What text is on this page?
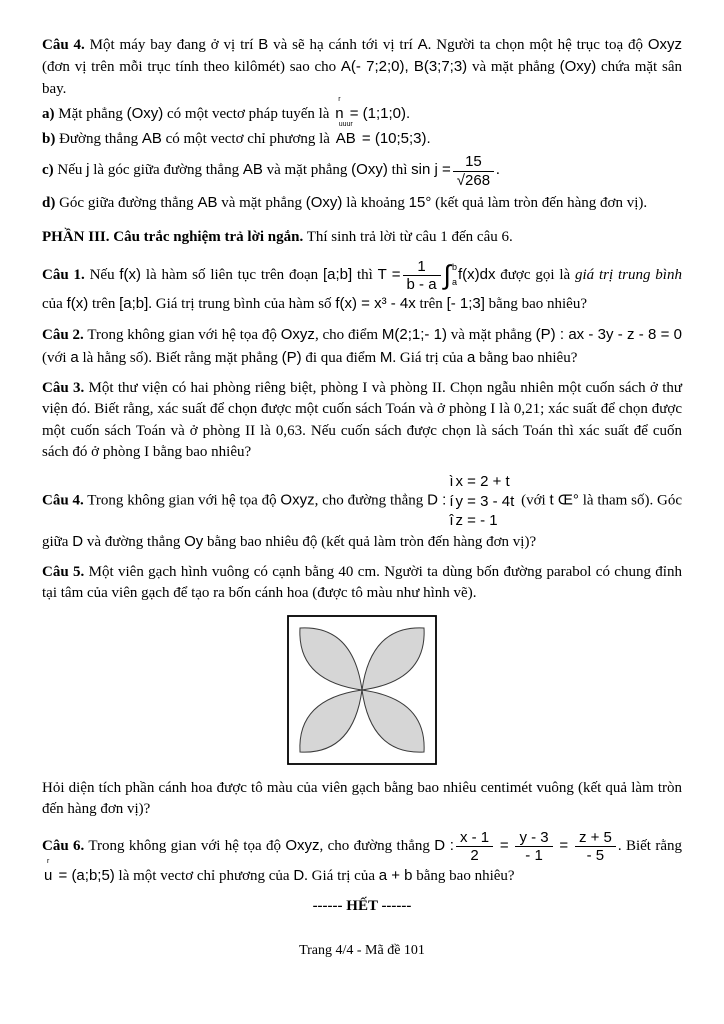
Câu 4. Một máy bay đang ở vị trí B và sẽ hạ cánh tới vị trí A. Người ta chọn một hệ trục toạ độ Oxyz (đơn vị trên mỗi trục tính theo kilômét) sao cho A(- 7;2;0), B(3;7;3) và mặt phẳng (Oxy) chứa mặt sân bay.
a) Mặt phẳng (Oxy) có một vectơ pháp tuyến là
r
n = (1;1;0).
b) Đường thẳng AB có một vectơ chỉ phương là
uuur
AB = (10;5;3).
c) Nếu j là góc giữa đường thẳng AB và mặt phẳng (Oxy) thì $\sin j = \frac{15}{√268}$ .
d) Góc giữa đường thẳng AB và mặt phẳng (Oxy) là khoảng 15° (kết quả làm tròn đến hàng đơn vị).
PHẦN III. Câu trắc nghiệm trả lời ngắn. Thí sinh trả lời từ câu 1 đến câu 6.
Câu 1. Nếu f(x) là hàm số liên tục trên đoạn [a;b] thì $T = \frac{1}{b - a}$ ∫ b
a f(x)dx được gọi là giá trị trung bình của f(x) trên [a;b]. Giá trị trung bình của hàm số f(x) = x³ - 4x trên [- 1;3] bằng bao nhiêu?
Câu 2. Trong không gian với hệ tọa độ Oxyz, cho điểm M(2;1;- 1) và mặt phẳng (P) : ax - 3y - z - 8 = 0 (với a là hằng số). Biết rằng mặt phẳng (P) đi qua điểm M. Giá trị của a bằng bao nhiêu?
Câu 3. Một thư viện có hai phòng riêng biệt, phòng I và phòng II. Chọn ngẫu nhiên một cuốn sách ở thư viện đó. Biết rằng, xác suất để chọn được một cuốn sách Toán và ở phòng I là 0,21; xác suất để chọn được một cuốn sách Toán và ở phòng II là 0,63. Nếu cuốn sách được chọn là sách Toán thì xác suất để cuốn sách đó ở phòng I bằng bao nhiêu?
Câu 4. Trong không gian với hệ tọa độ Oxyz, cho đường thẳng D :
ì x = 2 + t
í y = 3 - 4t
î z = - 1
(với t Œ° là tham số). Góc giữa D và đường thẳng Oy bằng bao nhiêu độ (kết quả làm tròn đến hàng đơn vị)?
Câu 5. Một viên gạch hình vuông có cạnh bằng 40 cm. Người ta dùng bốn đường parabol có chung đỉnh tại tâm của viên gạch để tạo ra bốn cánh hoa (được tô màu như hình vẽ).
Hỏi diện tích phần cánh hoa được tô màu của viên gạch bằng bao nhiêu centimét vuông (kết quả làm tròn đến hàng đơn vị)?
Câu 6. Trong không gian với hệ tọa độ Oxyz, cho đường thẳng D : $\frac{x - 1}{2} = \frac{y - 3}{- 1} = \frac{z + 5}{- 5}$ . Biết rằng
r
u = (a;b;5) là một vectơ chỉ phương của D. Giá trị của a + b bằng bao nhiêu?
------ HẾT ------
Trang 4/4 - Mã đề 101
